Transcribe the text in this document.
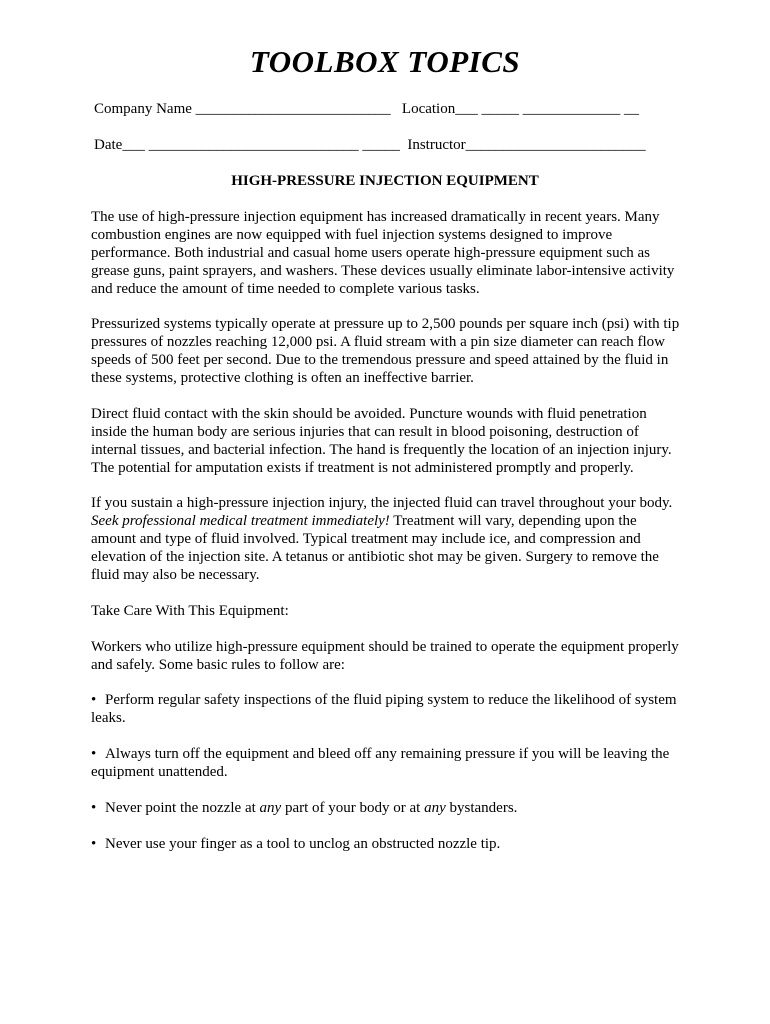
TOOLBOX TOPICS
Company Name __________________________ Location___ _____ _____________ __
Date___ ____________________________ _____ Instructor________________________
HIGH-PRESSURE INJECTION EQUIPMENT

The use of high-pressure injection equipment has increased dramatically in recent years. Many combustion engines are now equipped with fuel injection systems designed to improve performance. Both industrial and casual home users operate high-pressure equipment such as grease guns, paint sprayers, and washers. These devices usually eliminate labor-intensive activity and reduce the amount of time needed to complete various tasks.

Pressurized systems typically operate at pressure up to 2,500 pounds per square inch (psi) with tip pressures of nozzles reaching 12,000 psi. A fluid stream with a pin size diameter can reach flow speeds of 500 feet per second. Due to the tremendous pressure and speed attained by the fluid in these systems, protective clothing is often an ineffective barrier.

Direct fluid contact with the skin should be avoided. Puncture wounds with fluid penetration inside the human body are serious injuries that can result in blood poisoning, destruction of internal tissues, and bacterial infection. The hand is frequently the location of an injection injury. The potential for amputation exists if treatment is not administered promptly and properly.

If you sustain a high-pressure injection injury, the injected fluid can travel throughout your body. Seek professional medical treatment immediately! Treatment will vary, depending upon the amount and type of fluid involved. Typical treatment may include ice, and compression and elevation of the injection site. A tetanus or antibiotic shot may be given. Surgery to remove the fluid may also be necessary.

Take Care With This Equipment:

Workers who utilize high-pressure equipment should be trained to operate the equipment properly and safely. Some basic rules to follow are:

• Perform regular safety inspections of the fluid piping system to reduce the likelihood of system leaks.
• Always turn off the equipment and bleed off any remaining pressure if you will be leaving the equipment unattended.
• Never point the nozzle at any part of your body or at any bystanders.
• Never use your finger as a tool to unclog an obstructed nozzle tip.
